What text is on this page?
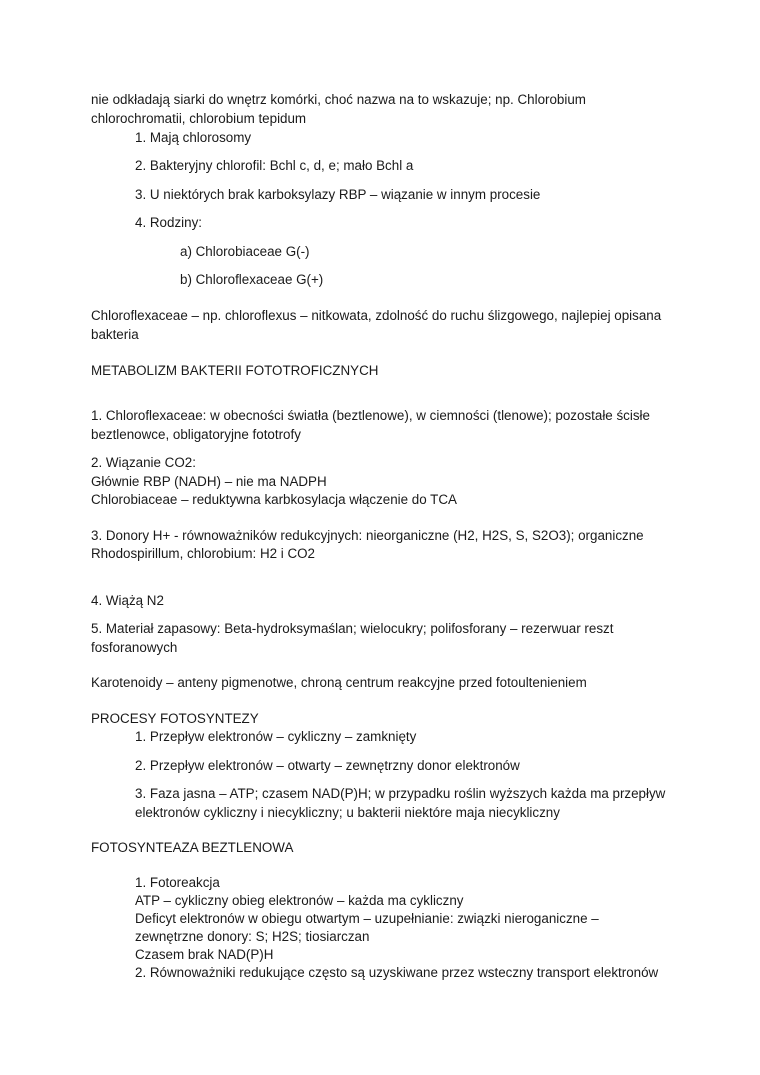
nie odkładają siarki do wnętrz komórki, choć nazwa na to wskazuje; np. Chlorobium

chlorochromatii, chlorobium tepidum

1. Mają chlorosomy

2. Bakteryjny chlorofil: Bchl c, d, e; mało Bchl a

3. U niektórych brak karboksylazy RBP – wiązanie w innym procesie

4. Rodziny:

a) Chlorobiaceae G(-)

b) Chloroflexaceae G(+)

Chloroflexaceae – np. chloroflexus – nitkowata, zdolność do ruchu ślizgowego, najlepiej opisana

bakteria

METABOLIZM BAKTERII FOTOTROFICZNYCH

1. Chloroflexaceae: w obecności światła (beztlenowe), w ciemności (tlenowe); pozostałe ścisłe

beztlenowce, obligatoryjne fototrofy

2. Wiązanie CO2:

Głównie RBP (NADH) – nie ma NADPH

Chlorobiaceae – reduktywna karbkosylacja włączenie do TCA

3. Donory H+ - równoważników redukcyjnych: nieorganiczne (H2, H2S, S, S2O3); organiczne

Rhodospirillum, chlorobium: H2 i CO2

4. Wiążą N2

5. Materiał zapasowy: Beta-hydroksymaślan; wielocukry; polifosforany – rezerwuar reszt

fosforanowych

Karotenoidy – anteny pigmenotwe, chroną centrum reakcyjne przed fotoultenieniem

PROCESY FOTOSYNTEZY

1. Przepływ elektronów – cykliczny – zamknięty

2. Przepływ elektronów – otwarty – zewnętrzny donor elektronów

3. Faza jasna – ATP; czasem NAD(P)H; w przypadku roślin wyższych każda ma przepływ

elektronów cykliczny i niecykliczny; u bakterii niektóre maja niecykliczny

FOTOSYNTEAZA BEZTLENOWA

1. Fotoreakcja

ATP – cykliczny obieg elektronów – każda ma cykliczny

Deficyt elektronów w obiegu otwartym – uzupełnianie: związki nieroganiczne –

zewnętrzne donory: S; H2S; tiosiarczan

Czasem brak NAD(P)H

2. Równoważniki redukujące często są uzyskiwane przez wsteczny transport elektronów
